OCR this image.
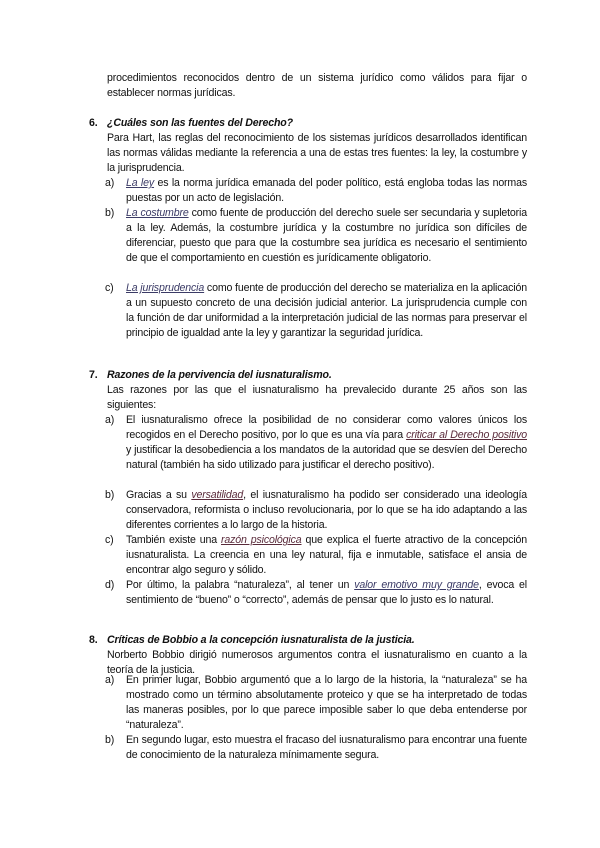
procedimientos reconocidos dentro de un sistema jurídico como válidos para fijar o establecer normas jurídicas.
6. ¿Cuáles son las fuentes del Derecho?
Para Hart, las reglas del reconocimiento de los sistemas jurídicos desarrollados identifican las normas válidas mediante la referencia a una de estas tres fuentes: la ley, la costumbre y la jurisprudencia.
a) La ley es la norma jurídica emanada del poder político, está engloba todas las normas puestas por un acto de legislación.
b) La costumbre como fuente de producción del derecho suele ser secundaria y supletoria a la ley. Además, la costumbre jurídica y la costumbre no jurídica son difíciles de diferenciar, puesto que para que la costumbre sea jurídica es necesario el sentimiento de que el comportamiento en cuestión es jurídicamente obligatorio.
c) La jurisprudencia como fuente de producción del derecho se materializa en la aplicación a un supuesto concreto de una decisión judicial anterior. La jurisprudencia cumple con la función de dar uniformidad a la interpretación judicial de las normas para preservar el principio de igualdad ante la ley y garantizar la seguridad jurídica.
7. Razones de la pervivencia del iusnaturalismo.
Las razones por las que el iusnaturalismo ha prevalecido durante 25 años son las siguientes:
a) El iusnaturalismo ofrece la posibilidad de no considerar como valores únicos los recogidos en el Derecho positivo, por lo que es una vía para criticar al Derecho positivo y justificar la desobediencia a los mandatos de la autoridad que se desvíen del Derecho natural (también ha sido utilizado para justificar el derecho positivo).
b) Gracias a su versatilidad, el iusnaturalismo ha podido ser considerado una ideología conservadora, reformista o incluso revolucionaria, por lo que se ha ido adaptando a las diferentes corrientes a lo largo de la historia.
c) También existe una razón psicológica que explica el fuerte atractivo de la concepción iusnaturalista. La creencia en una ley natural, fija e inmutable, satisface el ansia de encontrar algo seguro y sólido.
d) Por último, la palabra “naturaleza”, al tener un valor emotivo muy grande, evoca el sentimiento de “bueno” o “correcto”, además de pensar que lo justo es lo natural.
8. Críticas de Bobbio a la concepción iusnaturalista de la justicia.
Norberto Bobbio dirigió numerosos argumentos contra el iusnaturalismo en cuanto a la teoría de la justicia.
a) En primer lugar, Bobbio argumentó que a lo largo de la historia, la “naturaleza” se ha mostrado como un término absolutamente proteico y que se ha interpretado de todas las maneras posibles, por lo que parece imposible saber lo que deba entenderse por “naturaleza”.
b) En segundo lugar, esto muestra el fracaso del iusnaturalismo para encontrar una fuente de conocimiento de la naturaleza mínimamente segura.
